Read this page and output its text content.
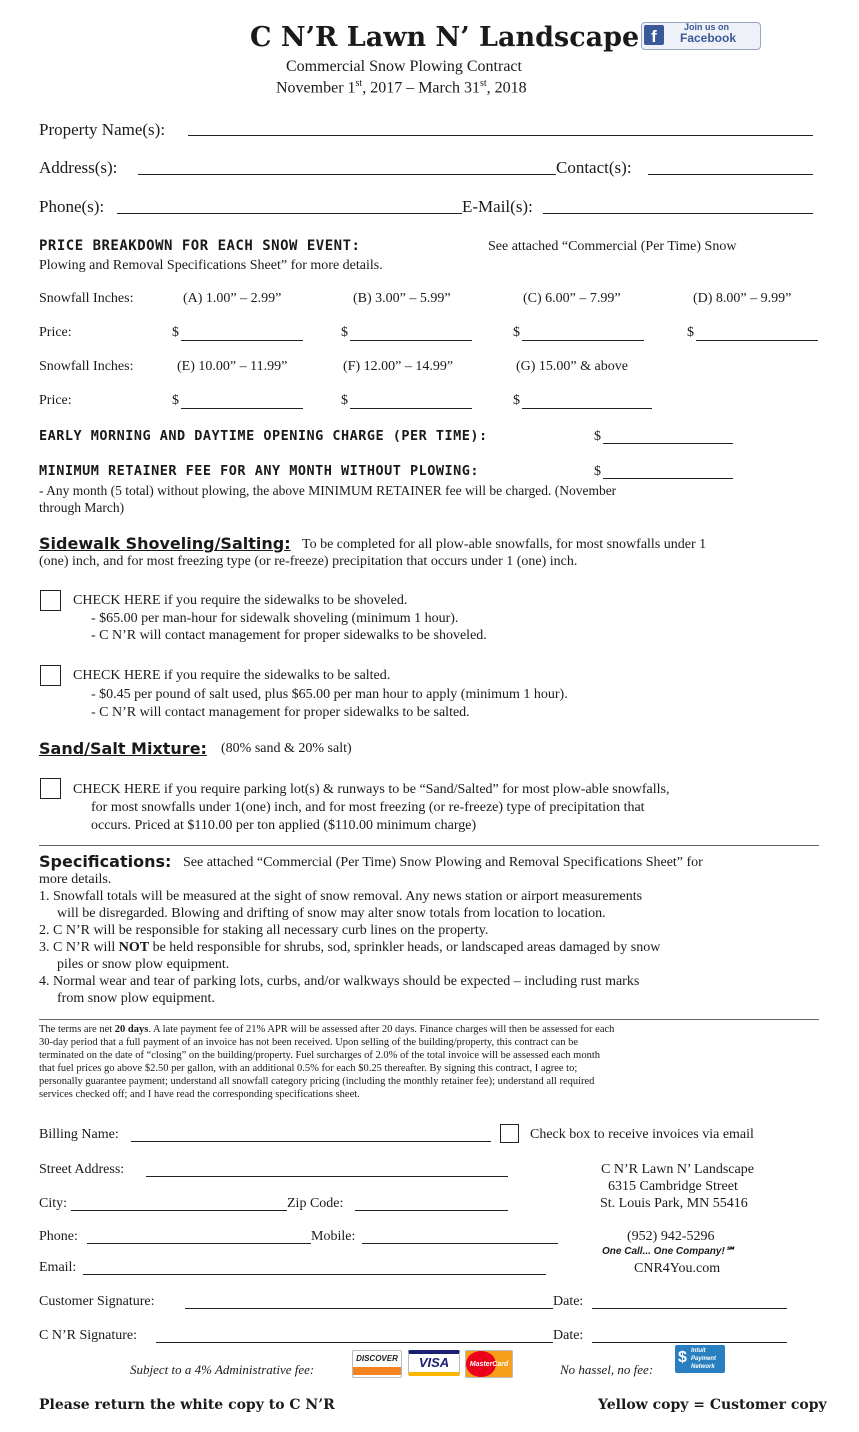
C N’R Lawn N’ Landscape
Commercial Snow Plowing Contract
November 1st, 2017 – March 31st, 2018
f	Join us on
Facebook
Property Name(s):
Address(s):	Contact(s):
Phone(s):	E-Mail(s):
PRICE BREAKDOWN FOR EACH SNOW EVENT:	See attached “Commercial (Per Time) Snow
Plowing and Removal Specifications Sheet” for more details.
Snowfall Inches:	(A) 1.00” – 2.99”	(B) 3.00” – 5.99”	(C) 6.00” – 7.99”	(D) 8.00” – 9.99”
Price:	$	$	$	$
Snowfall Inches:	(E) 10.00” – 11.99”	(F) 12.00” – 14.99”	(G) 15.00” & above
Price:	$	$	$
EARLY MORNING AND DAYTIME OPENING CHARGE (PER TIME):	$
MINIMUM RETAINER FEE FOR ANY MONTH WITHOUT PLOWING:	$
- Any month (5 total) without plowing, the above MINIMUM RETAINER fee will be charged. (November
through March)
Sidewalk Shoveling/Salting: To be completed for all plow-able snowfalls, for most snowfalls under 1
(one) inch, and for most freezing type (or re-freeze) precipitation that occurs under 1 (one) inch.
CHECK HERE if you require the sidewalks to be shoveled.
- $65.00 per man-hour for sidewalk shoveling (minimum 1 hour).
- C N’R will contact management for proper sidewalks to be shoveled.
CHECK HERE if you require the sidewalks to be salted.
- $0.45 per pound of salt used, plus $65.00 per man hour to apply (minimum 1 hour).
- C N’R will contact management for proper sidewalks to be salted.
Sand/Salt Mixture: (80% sand & 20% salt)
CHECK HERE if you require parking lot(s) & runways to be “Sand/Salted” for most plow-able snowfalls,
for most snowfalls under 1(one) inch, and for most freezing (or re-freeze) type of precipitation that
occurs. Priced at $110.00 per ton applied ($110.00 minimum charge)
Specifications: See attached “Commercial (Per Time) Snow Plowing and Removal Specifications Sheet” for
more details.
1. Snowfall totals will be measured at the sight of snow removal. Any news station or airport measurements
will be disregarded. Blowing and drifting of snow may alter snow totals from location to location.
2. C N’R will be responsible for staking all necessary curb lines on the property.
3. C N’R will NOT be held responsible for shrubs, sod, sprinkler heads, or landscaped areas damaged by snow
piles or snow plow equipment.
4. Normal wear and tear of parking lots, curbs, and/or walkways should be expected – including rust marks
from snow plow equipment.
The terms are net 20 days. A late payment fee of 21% APR will be assessed after 20 days. Finance charges will then be assessed for each
30-day period that a full payment of an invoice has not been received. Upon selling of the building/property, this contract can be
terminated on the date of “closing” on the building/property. Fuel surcharges of 2.0% of the total invoice will be assessed each month
that fuel prices go above $2.50 per gallon, with an additional 0.5% for each $0.25 thereafter. By signing this contract, I agree to;
personally guarantee payment; understand all snowfall category pricing (including the monthly retainer fee); understand all required
services checked off; and I have read the corresponding specifications sheet.
Billing Name:	Check box to receive invoices via email
Street Address:
City:	Zip Code:
C N’R Lawn N’ Landscape
6315 Cambridge Street
St. Louis Park, MN 55416
(952) 942-5296
One Call... One Company!℠
CNR4You.com
Phone:	Mobile:
Email:
Customer Signature:	Date:
C N’R Signature:	Date:
Subject to a 4% Administrative fee:
DISCOVER	VISA	MasterCard	No hassel, no fee:
$ Intuit Payment Network
Please return the white copy to C N’R	Yellow copy = Customer copy
